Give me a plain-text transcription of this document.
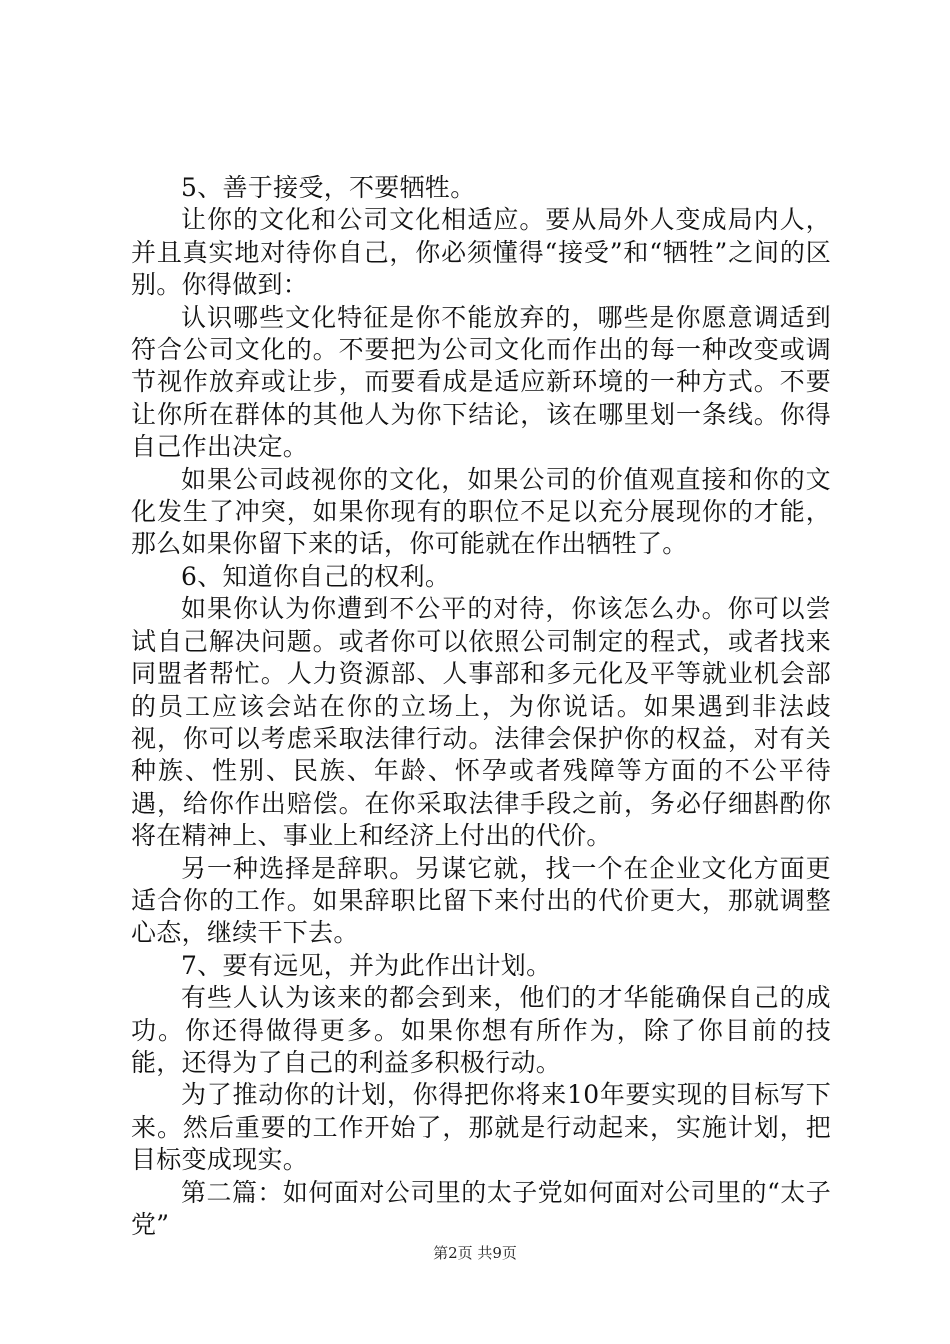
5、善于接受，不要牺牲。

让你的文化和公司文化相适应。要从局外人变成局内人，并且真实地对待你自己，你必须懂得“接受”和“牺牲”之间的区别。你得做到：

认识哪些文化特征是你不能放弃的，哪些是你愿意调适到符合公司文化的。不要把为公司文化而作出的每一种改变或调节视作放弃或让步，而要看成是适应新环境的一种方式。不要让你所在群体的其他人为你下结论，该在哪里划一条线。你得自己作出决定。

如果公司歧视你的文化，如果公司的价值观直接和你的文化发生了冲突，如果你现有的职位不足以充分展现你的才能，那么如果你留下来的话，你可能就在作出牺牲了。

6、知道你自己的权利。

如果你认为你遭到不公平的对待，你该怎么办。你可以尝试自己解决问题。或者你可以依照公司制定的程式，或者找来同盟者帮忙。人力资源部、人事部和多元化及平等就业机会部的员工应该会站在你的立场上，为你说话。如果遇到非法歧视，你可以考虑采取法律行动。法律会保护你的权益，对有关种族、性别、民族、年龄、怀孕或者残障等方面的不公平待遇，给你作出赔偿。在你采取法律手段之前，务必仔细斟酌你将在精神上、事业上和经济上付出的代价。

另一种选择是辞职。另谋它就，找一个在企业文化方面更适合你的工作。如果辞职比留下来付出的代价更大，那就调整心态，继续干下去。

7、要有远见，并为此作出计划。

有些人认为该来的都会到来，他们的才华能确保自己的成功。你还得做得更多。如果你想有所作为，除了你目前的技能，还得为了自己的利益多积极行动。

为了推动你的计划，你得把你将来10年要实现的目标写下来。然后重要的工作开始了，那就是行动起来，实施计划，把目标变成现实。

第二篇：如何面对公司里的太子党如何面对公司里的“太子党”

第2页 共9页
